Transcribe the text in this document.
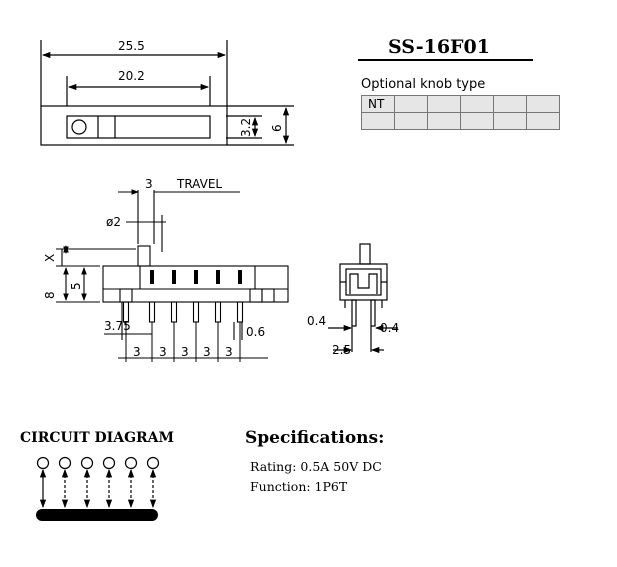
25.5
20.2
3.2 6
3 TRAVEL
ø2
X
8
5
3.75	0.6
3 3 3 3 3
0.4	0.4
2.5
SS-16F01
Optional knob type
NT					

CIRCUIT DIAGRAM	Specifications:
Rating: 0.5A 50V DC
Function: 1P6T
